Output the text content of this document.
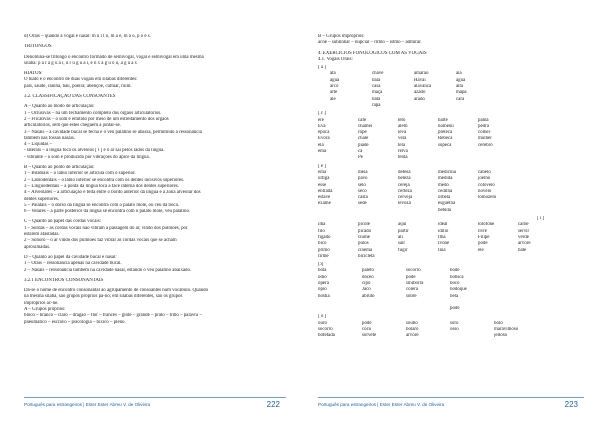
d) Orais – quando a vogal é nasal: m u i t o, m ã e, m ã o, p õ e s.
TRITONGOS
Denomina-se tritongo o encontro formado de semivogal, vogal e semivogal em uma mesma
sílaba: p a r a g u a i, u r u g u a i, e n x a g u o u, á g u a s
HIATOS:
O hiato é o encontro de duas vogais em sílabas diferentes:
país, saúde, rainha, baú, poeira; abençoe, cultuar, ruim.
3.2. CLASSIFICAÇÃO DAS CONSOANTES
A – Quanto ao modo de articulação:
1 – Oclusivas – há um fechamento completo dos órgãos articulatórios.
2 – Fricativas – o som é emitido por meio de um estreitamento dos órgãos
articulatórios, sem que estes cheguem a juntar-se.
3 – Nasais – a cavidade bucal se fecha e o véu palatino se abaixa, permitindo a ressonância
também nas fossas nasais.
4 – Líquidas –
- laterais – a língua toca os alvéolos [ l ] e o ar sai pelos lados da língua.
- vibrante – o som é produzido por vibrações do ápice da língua.
B – Quanto ao ponto de articulação:
1 – Bilabiais – o lábio inferior se articula com o superior.
2 – Labiodentais – o lábio inferior se encontra com os dentes incisivos superiores.
3 – Linguodentais – a ponta da língua toca a face interna dos dentes superiores.
4 – Alveolares – a articulação é feita entre o bordo anterior da língua e a zona alveolar dos
dentes superiores.
5 – Palatais – o dorso da língua se encontra com o palato mole, ou céu da boca.
6 – Velares – a parte posterior da língua se encontra com o palato mole, véu palatino.
C – Quanto ao papel das cordas vocais:
1 – Surdas – as cordas vocais não vibram à passagem do ar, vindo dos pulmões, por
estarem afastadas.
2 – Sonoro – o ar vindo dos pulmões faz vibrar as cordas vocais que se acham
aproximadas.
D – Quanto ao papel da cavidade bucal e nasal:
1 – Orais – ressonância apenas na cavidade bucal.
2 – Nasais – ressonância também na cavidade nasal, estando o véu palatino abaixado.
3.2.1 ENCONTROS CONSONANTAIS
Dá-se o nome de encontro consonantal ao agrupamento de consoantes num vocábulo. Quando
na mesma sílaba, são grupos próprios pâ-no; em sílabas diferentes, são os grupos
impróprios ac-ne.
A – Grupos próprios:
bloco – branco – claro – dragão – flor – francês – glote – grande – prato – tribo – palavra –
pneumático – escravo – psicologia – tóxico – pleno.
Português para estrangeiros | Ester Ester Abreu V. de Oliveira	222
B – Grupos impróprios:
acne – sublinhar – nupcial – ritmo – istmo – admirar.
4. EXERCÍCIOS FONOLÓGICOS COM AS VOGAIS
4.1. Vogais Orais:
[ a ]
ata	chave	amarão	aia
água	bala	Havaí	agua
arco	casa	alavanca	alta
arte	maça	azado	mapa
ale	bata	arado	cara
rapa
[ ɛ ]
ere	café	teto	barte	pama
Eva	chamei	além	nomeou	pedra
época	ropé	leva	preteca	colher
Évora	chalé	vela	Rebeca	mulher
ela	piadé	tela	sopeca	cérebro
ema	cá	relva
Pé	tenta
[ e ]
ema	meia	defesa	medicina	cabelo
urtiga	pavo	beleza	medida	joelho
esse	selo	cereja	medo	cotovelo
entrada	seco	certeza	cedilha	novelo
estave	casta	cerveja	orbela	tomozelo
exame	sede	levoza	esguelha
bebida
[ i ]
ilha	picolé	aqui	ideal	tolofone	carne
filo	picado	partir	idílio	livre	servir
fígado	ciúme	ali	Ilha	Filipe	verde
bico	pulos	sair	Ivone	pode	árvore
primo	cinema	fugir	Ínia	ele	bate
firme	bicicleta
[ɔ]
bota	paletó	socorro	bode
ódio	dóceo	pode	bobsca
ópera	cipó	sihiborra	bocó
ópio	Jacó	colera	bodoque
hóstia	abrutó	sobre	bela
pode
[ o ]
ouro	pôde	soubo	soro	bolo
socorro	coco	bolaro	osso	maravilhoso
bofetada	sorvete	árvore	jeitoso
Português para estrangeiros | Ester Ester Abreu V. de Oliveira	223
